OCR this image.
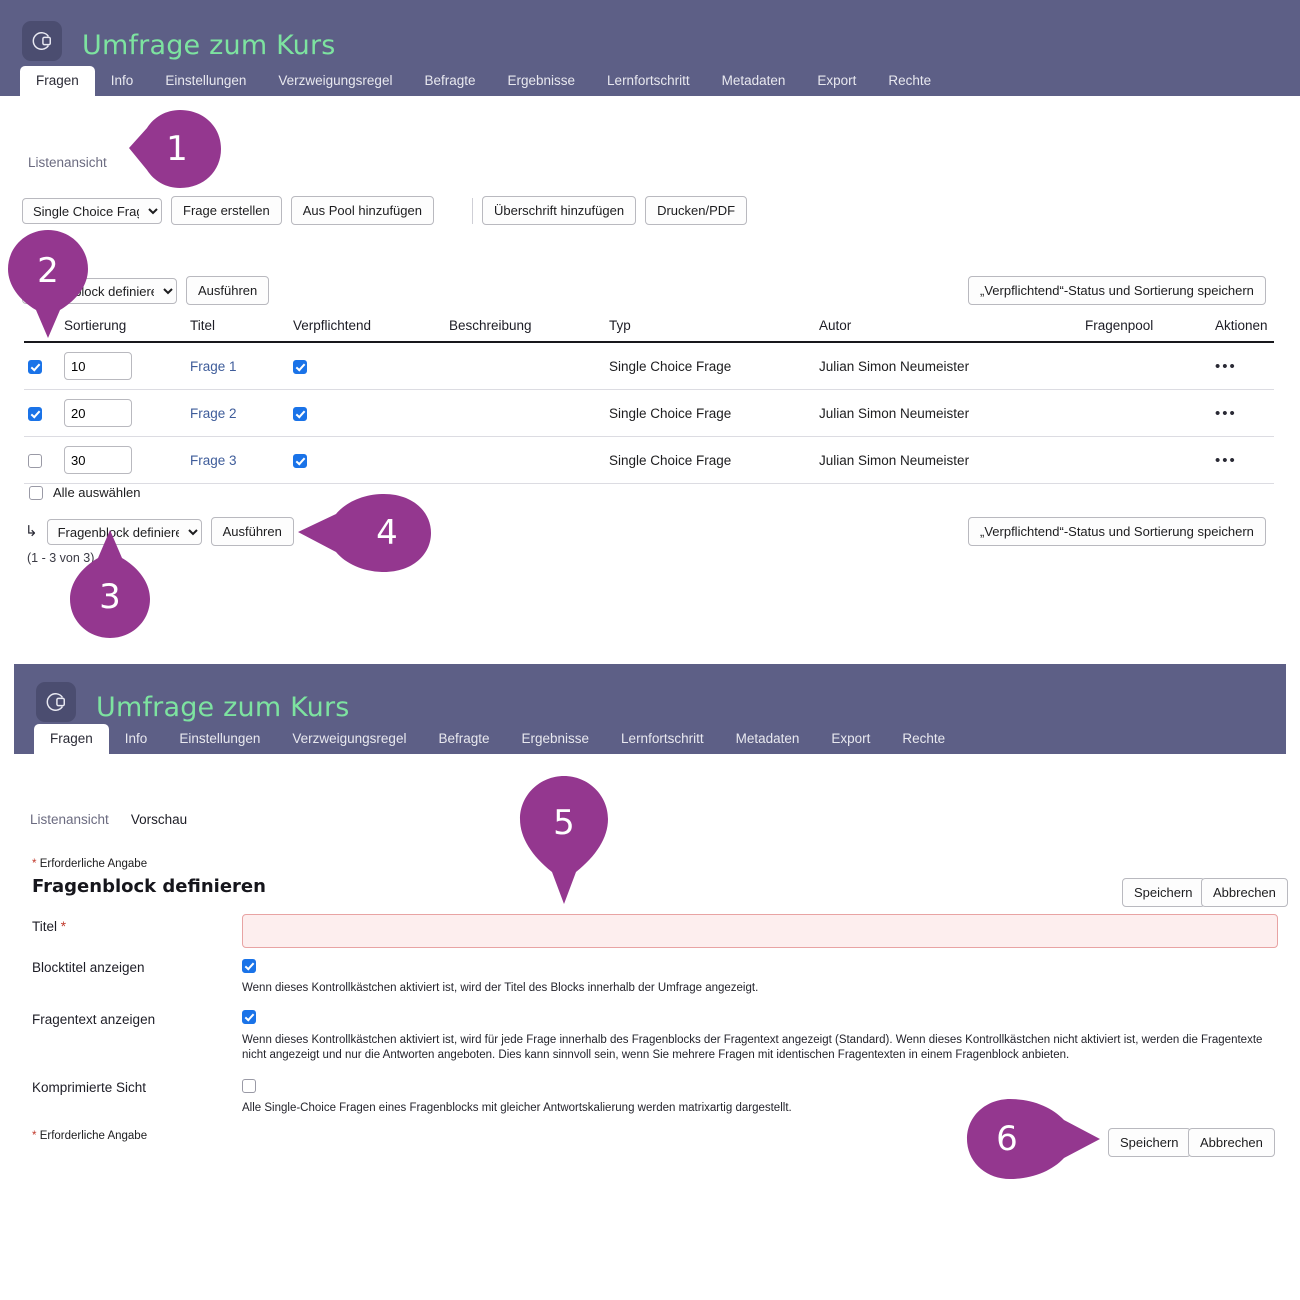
Umfrage zum Kurs
Fragen	Info	Einstellungen	Verzweigungsregel	Befragte	Ergebnisse	Lernfortschritt	Metadaten	Export	Rechte
Listenansicht
Single Choice Frage
Frage erstellen	Aus Pool hinzufügen	Überschrift hinzufügen	Drucken/PDF
Fragenblock definieren
Ausführen	„Verpflichtend“-Status und Sortierung speichern
	Sortierung	Titel	Verpflichtend	Beschreibung	Typ	Autor	Fragenpool	Aktionen
	10	Frage 1			Single Choice Frage	Julian Simon Neumeister		•••
	20	Frage 2			Single Choice Frage	Julian Simon Neumeister		•••
	30	Frage 3			Single Choice Frage	Julian Simon Neumeister		•••
Alle auswählen
↳
Fragenblock definieren	Ausführen	„Verpflichtend“-Status und Sortierung speichern
(1 - 3 von 3)
Umfrage zum Kurs
Fragen	Info	Einstellungen	Verzweigungsregel	Befragte	Ergebnisse	Lernfortschritt	Metadaten	Export	Rechte
Listenansicht Vorschau
* Erforderliche Angabe
Fragenblock definieren	Speichern	Abbrechen
Titel *
Blocktitel anzeigen
Wenn dieses Kontrollkästchen aktiviert ist, wird der Titel des Blocks innerhalb der Umfrage angezeigt.
Fragentext anzeigen
Wenn dieses Kontrollkästchen aktiviert ist, wird für jede Frage innerhalb des Fragenblocks der Fragentext angezeigt (Standard). Wenn dieses Kontrollkästchen nicht aktiviert ist, werden die Fragentexte nicht angezeigt und nur die Antworten angeboten. Dies kann sinnvoll sein, wenn Sie mehrere Fragen mit identischen Fragentexten in einem Fragenblock anbieten.
Komprimierte Sicht
Alle Single-Choice Fragen eines Fragenblocks mit gleicher Antwortskalierung werden matrixartig dargestellt.
* Erforderliche Angabe	Speichern	Abbrechen
1
2
3
4
5
6
